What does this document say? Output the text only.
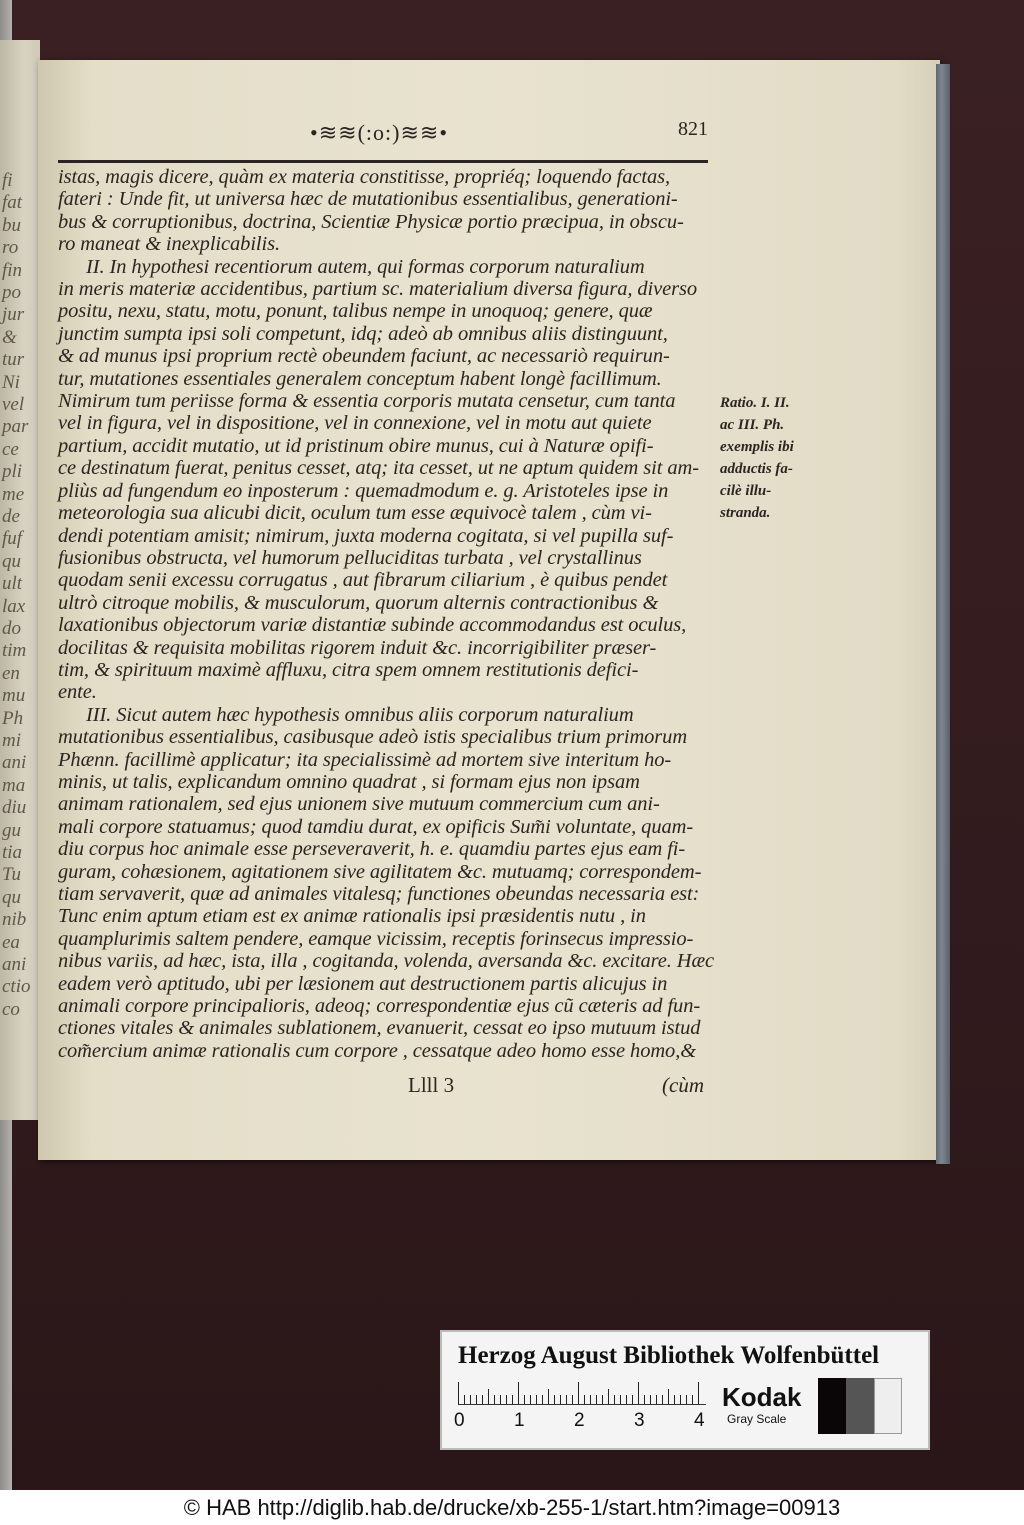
fi
fat
bu
ro
fin
po
jur
&
tur
Ni
vel
par
ce
pli
me
de
fuf
qu
ult
lax
do
tim
en
mu
Ph
mi
ani
ma
diu
gu
tia
Tu
qu
nib
ea
ani
ctio
co
•≋≋(:o:)≋≋•	821
istas, magis dicere, quàm ex materia constitisse, propriéq; loquendo factas,
fateri : Unde fit, ut universa hæc de mutationibus essentialibus, generationi-
bus & corruptionibus, doctrina, Scientiæ Physicæ portio præcipua, in obscu-
ro maneat & inexplicabilis.
II. In hypothesi recentiorum autem, qui formas corporum naturalium
in meris materiæ accidentibus, partium sc. materialium diversa figura, diverso
positu, nexu, statu, motu, ponunt, talibus nempe in unoquoq; genere, quæ
junctim sumpta ipsi soli competunt, idq; adeò ab omnibus aliis distinguunt,
& ad munus ipsi proprium rectè obeundem faciunt, ac necessariò requirun-
tur, mutationes essentiales generalem conceptum habent longè facillimum.
Nimirum tum periisse forma & essentia corporis mutata censetur, cum tanta
vel in figura, vel in dispositione, vel in connexione, vel in motu aut quiete
partium, accidit mutatio, ut id pristinum obire munus, cui à Naturæ opifi-
ce destinatum fuerat, penitus cesset, atq; ita cesset, ut ne aptum quidem sit am-
pliùs ad fungendum eo inposterum : quemadmodum e. g. Aristoteles ipse in
meteorologia sua alicubi dicit, oculum tum esse æquivocè talem , cùm vi-
dendi potentiam amisit; nimirum, juxta moderna cogitata, si vel pupilla suf-
fusionibus obstructa, vel humorum pelluciditas turbata , vel crystallinus
quodam senii excessu corrugatus , aut fibrarum ciliarium , è quibus pendet
ultrò citroque mobilis, & musculorum, quorum alternis contractionibus &
laxationibus objectorum variæ distantiæ subinde accommodandus est oculus,
docilitas & requisita mobilitas rigorem induit &c. incorrigibiliter præser-
tim, & spirituum maximè affluxu, citra spem omnem restitutionis defici-
ente.
III. Sicut autem hæc hypothesis omnibus aliis corporum naturalium
mutationibus essentialibus, casibusque adeò istis specialibus trium primorum
Phænn. facillimè applicatur; ita specialissimè ad mortem sive interitum ho-
minis, ut talis, explicandum omnino quadrat , si formam ejus non ipsam
animam rationalem, sed ejus unionem sive mutuum commercium cum ani-
mali corpore statuamus; quod tamdiu durat, ex opificis Sum̃i voluntate, quam-
diu corpus hoc animale esse perseveraverit, h. e. quamdiu partes ejus eam fi-
guram, cohæsionem, agitationem sive agilitatem &c. mutuamq; correspondem-
tiam servaverit, quæ ad animales vitalesq; functiones obeundas necessaria est:
Tunc enim aptum etiam est ex animæ rationalis ipsi præsidentis nutu , in
quamplurimis saltem pendere, eamque vicissim, receptis forinsecus impressio-
nibus variis, ad hæc, ista, illa , cogitanda, volenda, aversanda &c. excitare. Hæc
eadem verò aptitudo, ubi per læsionem aut destructionem partis alicujus in
animali corpore principalioris, adeoq; correspondentiæ ejus cũ cæteris ad fun-
ctiones vitales & animales sublationem, evanuerit, cessat eo ipso mutuum istud
com̃ercium animæ rationalis cum corpore , cessatque adeo homo esse homo,&
Ratio. I. II.
ac III. Ph.
exemplis ibi
adductis fa-
cilè illu-
stranda.
Llll 3	(cùm
Herzog August Bibliothek Wolfenbüttel
0	1	2	3	4
Kodak
Gray Scale
© HAB http://diglib.hab.de/drucke/xb-255-1/start.htm?image=00913
